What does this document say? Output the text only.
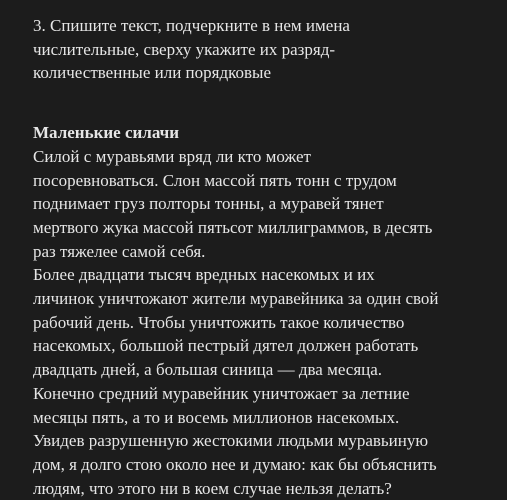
3. Спишите текст, подчеркните в нем имена
числительные, сверху укажите их разряд-
количественные или порядковые
Маленькие силачи
Силой с муравьями вряд ли кто может
посоревноваться. Слон массой пять тонн с трудом
поднимает груз полторы тонны, а муравей тянет
мертвого жука массой пятьсот миллиграммов, в десять
раз тяжелее самой себя.
Более двадцати тысяч вредных насекомых и их
личинок уничтожают жители муравейника за один свой
рабочий день. Чтобы уничтожить такое количество
насекомых, большой пестрый дятел должен работать
двадцать дней, а большая синица — два месяца.
Конечно средний муравейник уничтожает за летние
месяцы пять, а то и восемь миллионов насекомых.
Увидев разрушенную жестокими людьми муравьиную
дом, я долго стою около нее и думаю: как бы объяснить
людям, что этого ни в коем случае нельзя делать?
